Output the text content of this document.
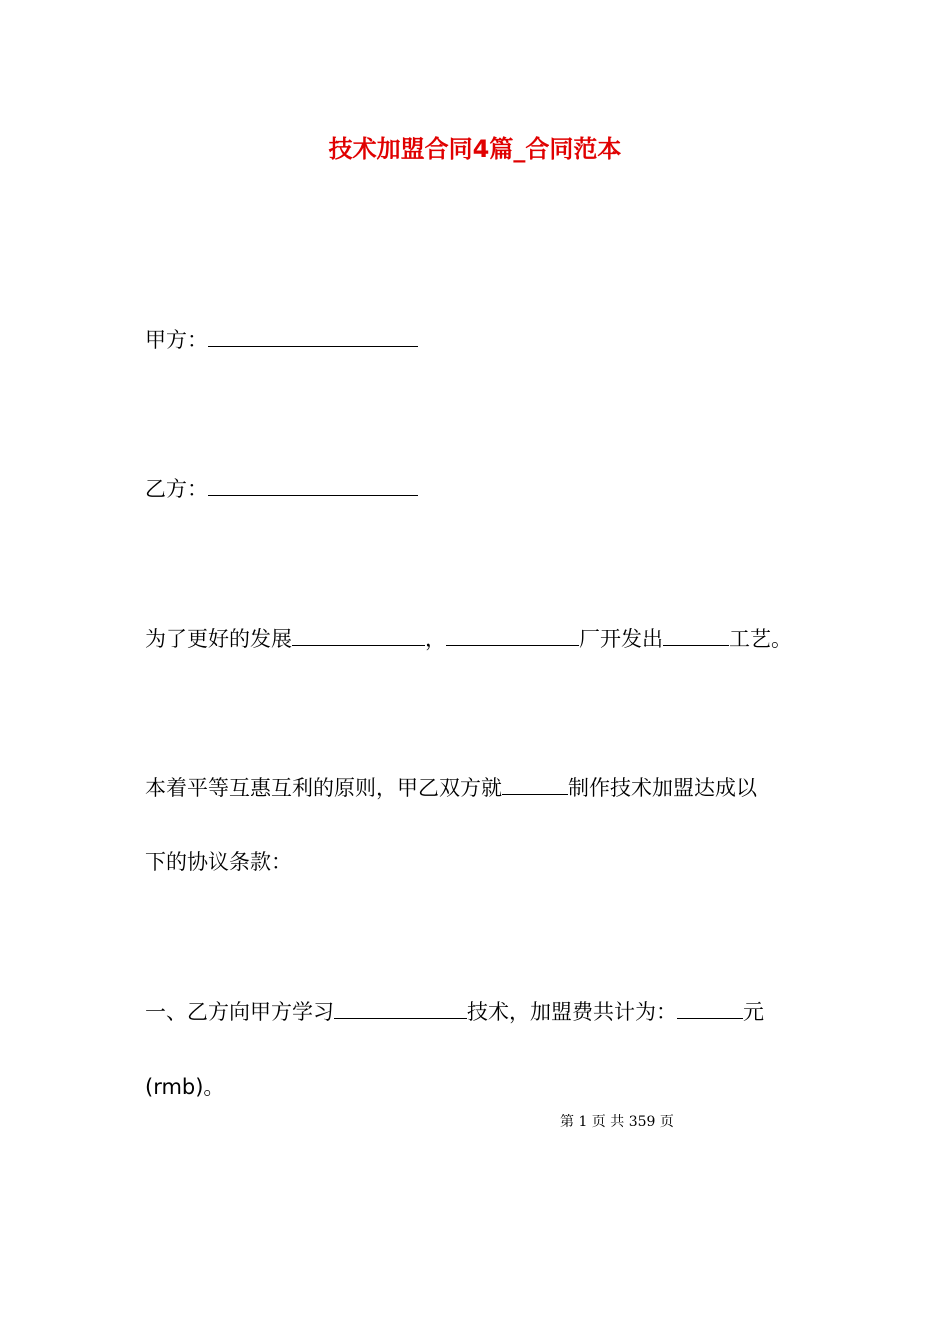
技术加盟合同4篇_合同范本
甲方：
乙方：
为了更好的发展	，	厂开发出	工艺。
本着平等互惠互利的原则，甲乙双方就	制作技术加盟达成以
下的协议条款：
一、乙方向甲方学习	技术，加盟费共计为：	元
(rmb)。
第 1 页 共 359 页
